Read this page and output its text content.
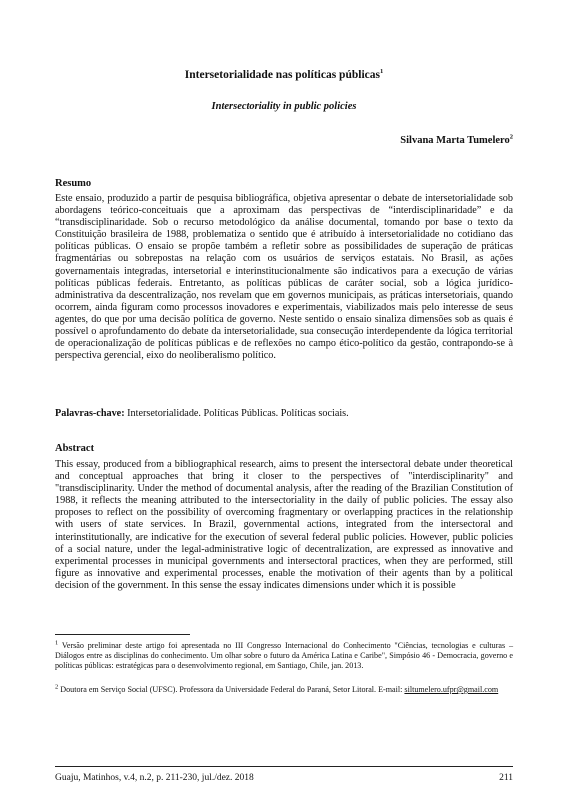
Intersetorialidade nas políticas públicas$^1$
Intersectoriality in public policies
Silvana Marta Tumelero$^2$
Resumo

Este ensaio, produzido a partir de pesquisa bibliográfica, objetiva apresentar o debate de intersetorialidade sob abordagens teórico-conceituais que a aproximam das perspectivas de “interdisciplinaridade” e da “transdisciplinaridade. Sob o recurso metodológico da análise documental, tomando por base o texto da Constituição brasileira de 1988, problematiza o sentido que é atribuído à intersetorialidade no cotidiano das políticas públicas. O ensaio se propõe também a refletir sobre as possibilidades de superação de práticas fragmentárias ou sobrepostas na relação com os usuários de serviços estatais. No Brasil, as ações governamentais integradas, intersetorial e interinstitucionalmente são indicativos para a execução de várias políticas públicas federais. Entretanto, as políticas públicas de caráter social, sob a lógica jurídico-administrativa da descentralização, nos revelam que em governos municipais, as práticas intersetoriais, quando ocorrem, ainda figuram como processos inovadores e experimentais, viabilizados mais pelo interesse de seus agentes, do que por uma decisão política de governo. Neste sentido o ensaio sinaliza dimensões sob as quais é possível o aprofundamento do debate da intersetorialidade, sua consecução interdependente da lógica territorial de operacionalização de políticas públicas e de reflexões no campo ético-político da gestão, contrapondo-se à perspectiva gerencial, eixo do neoliberalismo político.

Palavras-chave: Intersetorialidade. Políticas Públicas. Políticas sociais.
Abstract

This essay, produced from a bibliographical research, aims to present the intersectoral debate under theoretical and conceptual approaches that bring it closer to the perspectives of "interdisciplinarity" and "transdisciplinarity. Under the method of documental analysis, after the reading of the Brazilian Constitution of 1988, it reflects the meaning attributed to the intersectoriality in the daily of public policies. The essay also proposes to reflect on the possibility of overcoming fragmentary or overlapping practices in the relationship with users of state services. In Brazil, governmental actions, integrated from the intersectoral and interinstitutionally, are indicative for the execution of several federal public policies. However, public policies of a social nature, under the legal-administrative logic of decentralization, are expressed as innovative and experimental processes in municipal governments and intersectoral practices, when they are performed, still figure as innovative and experimental processes, enable the motivation of their agents than by a political decision of the government. In this sense the essay indicates dimensions under which it is possible

$^1$ Versão preliminar deste artigo foi apresentada no III Congresso Internacional do Conhecimento "Ciências, tecnologias e culturas – Diálogos entre as disciplinas do conhecimento. Um olhar sobre o futuro da América Latina e Caribe", Simpósio 46 - Democracia, governo e políticas públicas: estratégicas para o desenvolvimento regional, em Santiago, Chile, jan. 2013.

$^2$ Doutora em Serviço Social (UFSC). Professora da Universidade Federal do Paraná, Setor Litoral. E-mail: siltumelero.ufpr@gmail.com

Guaju, Matinhos, v.4, n.2, p. 211-230, jul./dez. 2018	211
